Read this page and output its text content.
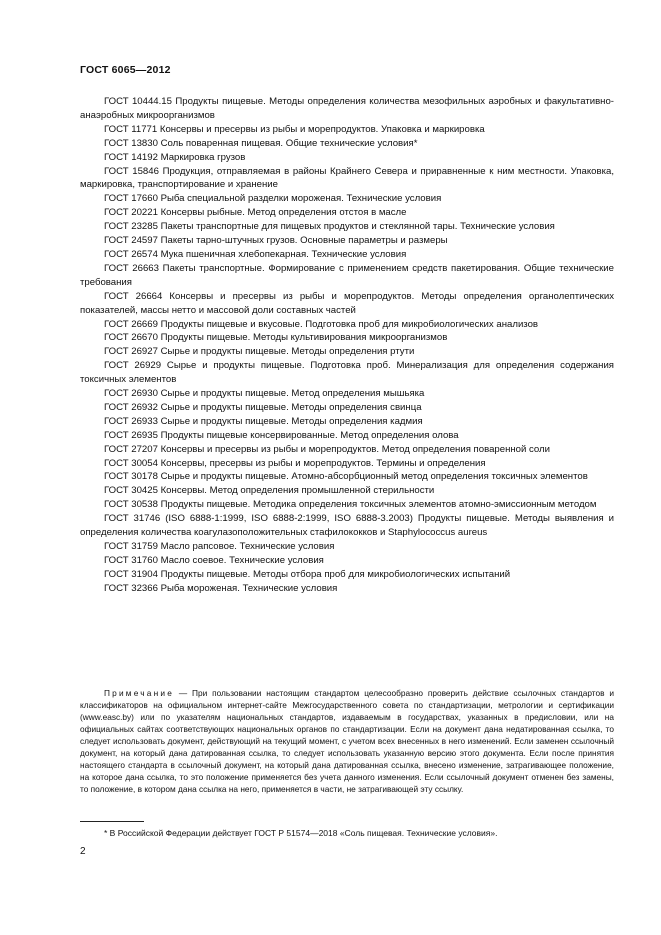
ГОСТ 6065—2012

ГОСТ 10444.15 Продукты пищевые. Методы определения количества мезофильных аэробных и факультативно-анаэробных микроорганизмов

ГОСТ 11771 Консервы и пресервы из рыбы и морепродуктов. Упаковка и маркировка

ГОСТ 13830 Соль поваренная пищевая. Общие технические условия*

ГОСТ 14192 Маркировка грузов

ГОСТ 15846 Продукция, отправляемая в районы Крайнего Севера и приравненные к ним местности. Упаковка, маркировка, транспортирование и хранение

ГОСТ 17660 Рыба специальной разделки мороженая. Технические условия

ГОСТ 20221 Консервы рыбные. Метод определения отстоя в масле

ГОСТ 23285 Пакеты транспортные для пищевых продуктов и стеклянной тары. Технические условия

ГОСТ 24597 Пакеты тарно-штучных грузов. Основные параметры и размеры

ГОСТ 26574 Мука пшеничная хлебопекарная. Технические условия

ГОСТ 26663 Пакеты транспортные. Формирование с применением средств пакетирования. Общие технические требования

ГОСТ 26664 Консервы и пресервы из рыбы и морепродуктов. Методы определения органолептических показателей, массы нетто и массовой доли составных частей

ГОСТ 26669 Продукты пищевые и вкусовые. Подготовка проб для микробиологических анализов

ГОСТ 26670 Продукты пищевые. Методы культивирования микроорганизмов

ГОСТ 26927 Сырье и продукты пищевые. Методы определения ртути

ГОСТ 26929 Сырье и продукты пищевые. Подготовка проб. Минерализация для определения содержания токсичных элементов

ГОСТ 26930 Сырье и продукты пищевые. Метод определения мышьяка

ГОСТ 26932 Сырье и продукты пищевые. Методы определения свинца

ГОСТ 26933 Сырье и продукты пищевые. Методы определения кадмия

ГОСТ 26935 Продукты пищевые консервированные. Метод определения олова

ГОСТ 27207 Консервы и пресервы из рыбы и морепродуктов. Метод определения поваренной соли

ГОСТ 30054 Консервы, пресервы из рыбы и морепродуктов. Термины и определения

ГОСТ 30178 Сырье и продукты пищевые. Атомно-абсорбционный метод определения токсичных элементов

ГОСТ 30425 Консервы. Метод определения промышленной стерильности

ГОСТ 30538 Продукты пищевые. Методика определения токсичных элементов атомно-эмиссионным методом

ГОСТ 31746 (ISO 6888-1:1999, ISO 6888-2:1999, ISO 6888-3.2003) Продукты пищевые. Методы выявления и определения количества коагулазоположительных стафилококков и Staphylococcus aureus

ГОСТ 31759 Масло рапсовое. Технические условия

ГОСТ 31760 Масло соевое. Технические условия

ГОСТ 31904 Продукты пищевые. Методы отбора проб для микробиологических испытаний

ГОСТ 32366 Рыба мороженая. Технические условия

Примечание — При пользовании настоящим стандартом целесообразно проверить действие ссылочных стандартов и классификаторов на официальном интернет-сайте Межгосударственного совета по стандартизации, метрологии и сертификации (www.easc.by) или по указателям национальных стандартов, издаваемым в государствах, указанных в предисловии, или на официальных сайтах соответствующих национальных органов по стандартизации. Если на документ дана недатированная ссылка, то следует использовать документ, действующий на текущий момент, с учетом всех внесенных в него изменений. Если заменен ссылочный документ, на который дана датированная ссылка, то следует использовать указанную версию этого документа. Если после принятия настоящего стандарта в ссылочный документ, на который дана датированная ссылка, внесено изменение, затрагивающее положение, на которое дана ссылка, то это положение применяется без учета данного изменения. Если ссылочный документ отменен без замены, то положение, в котором дана ссылка на него, применяется в части, не затрагивающей эту ссылку.
* В Российской Федерации действует ГОСТ Р 51574—2018 «Соль пищевая. Технические условия».
2
